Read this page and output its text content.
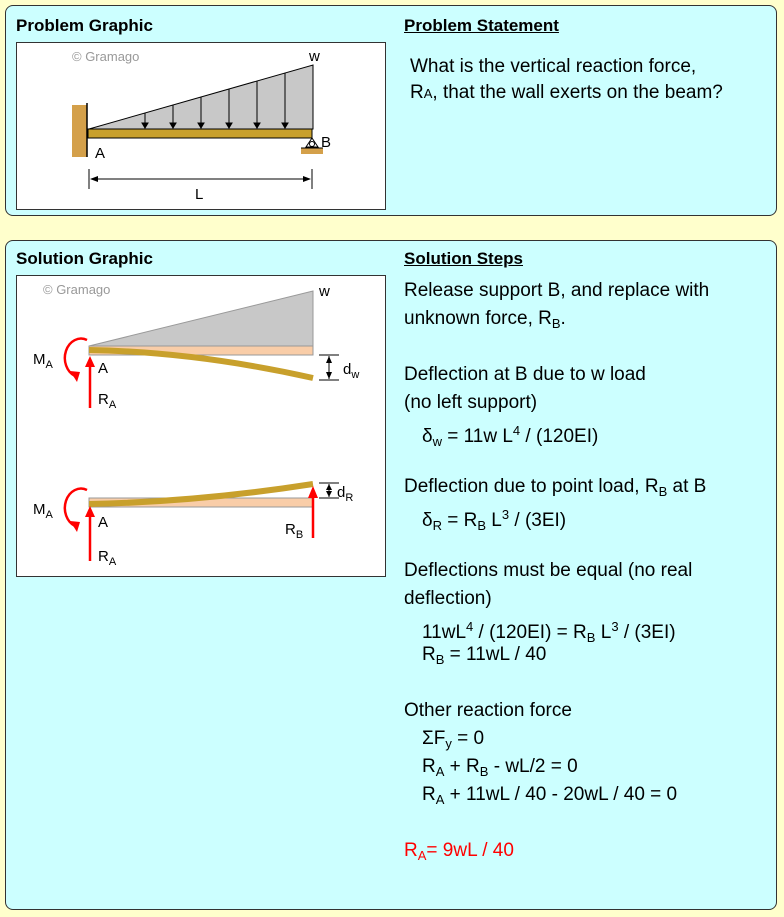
Problem Graphic	Problem Statement
© Gramago
A
B
w
L
What is the vertical reaction force,
RA, that the wall exerts on the beam?
Solution Graphic	Solution Steps
© Gramago	w
$d_w$
$M_A$	A
$R_A$
$d_R$
$R_B$
$M_A$	A
$R_A$
Release support B, and replace with
unknown force, $R_B$.
Deflection at B due to w load
(no left support)
$\delta_w = 11w$ $L^4 / (120EI)$
Deflection due to point load, $R_B$ at B
$\delta_R = R_B$ $L^3 / (3EI)$
Deflections must be equal (no real
deflection)
$11wL^4 / (120EI) = R_B$ $L^3 / (3EI)$
$R_B = 11wL / 40$
Other reaction force
$\Sigma F_y = 0$
$R_A + R_B - wL/2 = 0$
$R_A + 11wL / 40 - 20wL / 40 = 0$
$R_A= 9wL / 40$
